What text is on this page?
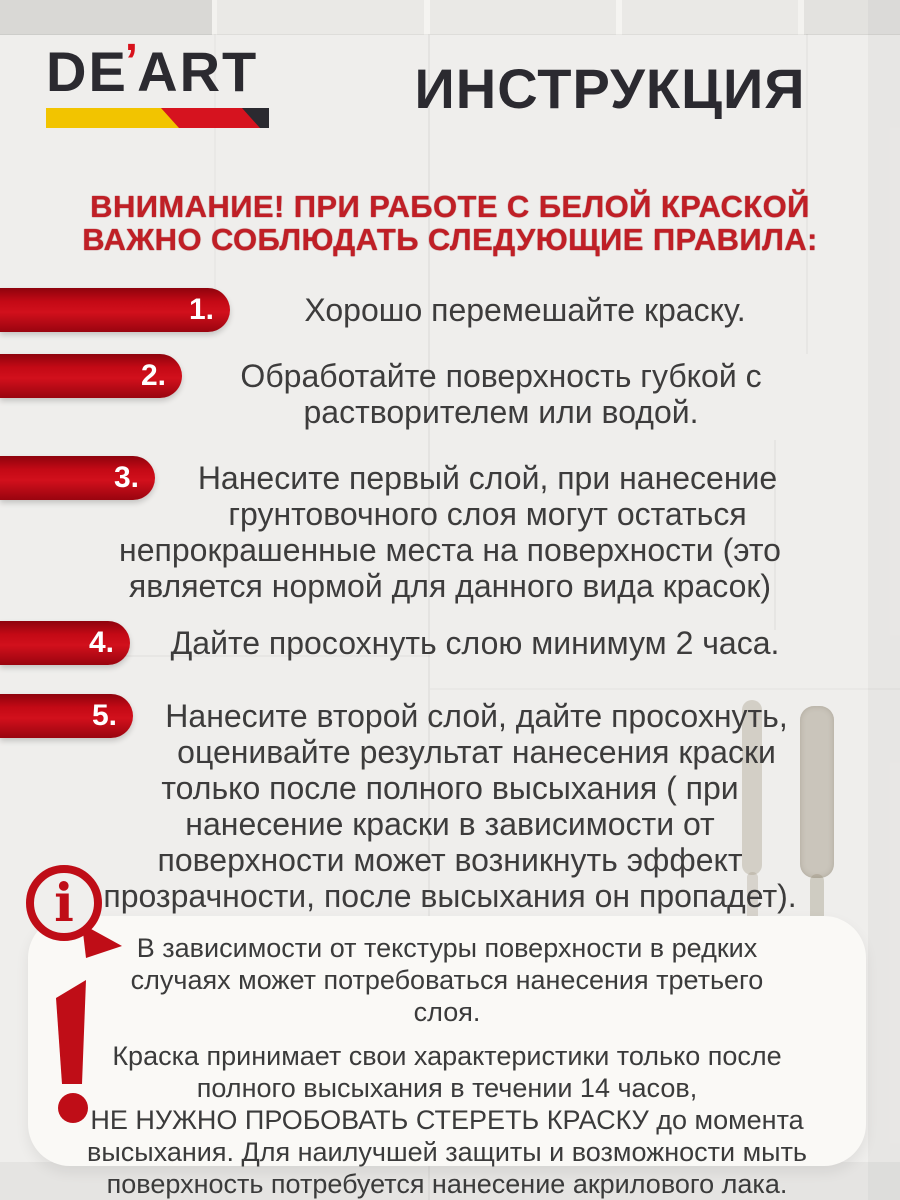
DE’ART	ИНСТРУКЦИЯ

ВНИМАНИЕ! ПРИ РАБОТЕ С БЕЛОЙ КРАСКОЙ ВАЖНО СОБЛЮДАТЬ СЛЕДУЮЩИЕ ПРАВИЛА:

1.	Хорошо перемешайте краску.

2.	Обработайте поверхность губкой с растворителем или водой.

3.	Нанесите первый слой, при нанесение грунтовочного слоя могут остаться непрокрашенные места на поверхности (это является нормой для данного вида красок)

4.	Дайте просохнуть слою минимум 2 часа.

5.	Нанесите второй слой, дайте просохнуть, оценивайте результат нанесения краски только после полного высыхания ( при нанесение краски в зависимости от поверхности может возникнуть эффект прозрачности, после высыхания он пропадет).

В зависимости от текстуры поверхности в редких случаях может потребоваться нанесения третьего слоя.

Краска принимает свои характеристики только после полного высыхания в течении 14 часов,

НЕ НУЖНО ПРОБОВАТЬ СТЕРЕТЬ КРАСКУ до момента высыхания. Для наилучшей защиты и возможности мыть поверхность потребуется нанесение акрилового лака.

i
